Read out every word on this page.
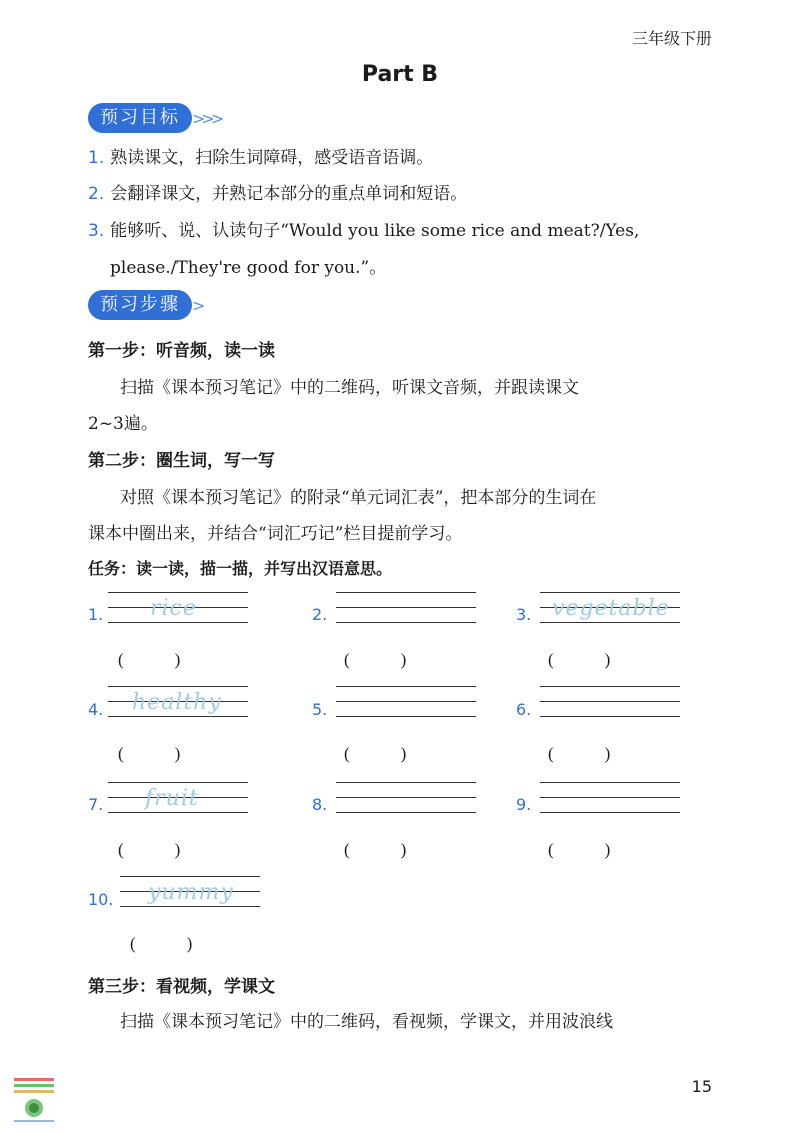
三年级下册
Part B
预习目标 >>>
1. 熟读课文，扫除生词障碍，感受语音语调。
2. 会翻译课文，并熟记本部分的重点单词和短语。
3. 能够听、说、认读句子“Would you like some rice and meat?/Yes,
please./They're good for you.”。
预习步骤 >
第一步：听音频，读一读
扫描《课本预习笔记》中的二维码，听课文音频，并跟读课文
2~3遍。
第二步：圈生词，写一写
对照《课本预习笔记》的附录“单元词汇表”，把本部分的生词在
课本中圈出来，并结合“词汇巧记”栏目提前学习。
任务：读一读，描一描，并写出汉语意思。
1. rice
(            )
2.
(            )
3. vegetable
(            )
4. healthy
(            )
5.
(            )
6.
(            )
7. fruit
(            )
8.
(            )
9.
(            )
10. yummy
(            )
第三步：看视频，学课文
扫描《课本预习笔记》中的二维码，看视频，学课文，并用波浪线
15
